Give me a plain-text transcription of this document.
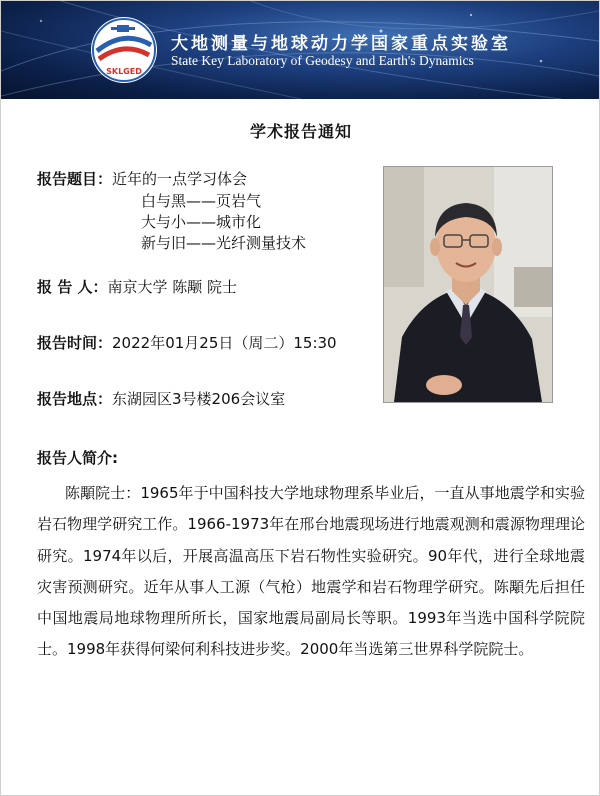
SKLGED
大地测量与地球动力学国家重点实验室
State Key Laboratory of Geodesy and Earth's Dynamics
学术报告通知
报告题目：近年的一点学习体会
白与黑——页岩气
大与小——城市化
新与旧——光纤测量技术
报 告 人：南京大学 陈颙 院士
报告时间：2022年01月25日（周二）15:30
报告地点：东湖园区3号楼206会议室
报告人简介:
陈顒院士：1965年于中国科技大学地球物理系毕业后，一直从事地震学和实验岩石物理学研究工作。1966-1973年在邢台地震现场进行地震观测和震源物理理论研究。1974年以后，开展高温高压下岩石物性实验研究。90年代，进行全球地震灾害预测研究。近年从事人工源（气枪）地震学和岩石物理学研究。陈顒先后担任中国地震局地球物理所所长，国家地震局副局长等职。1993年当选中国科学院院士。1998年获得何梁何利科技进步奖。2000年当选第三世界科学院院士。
